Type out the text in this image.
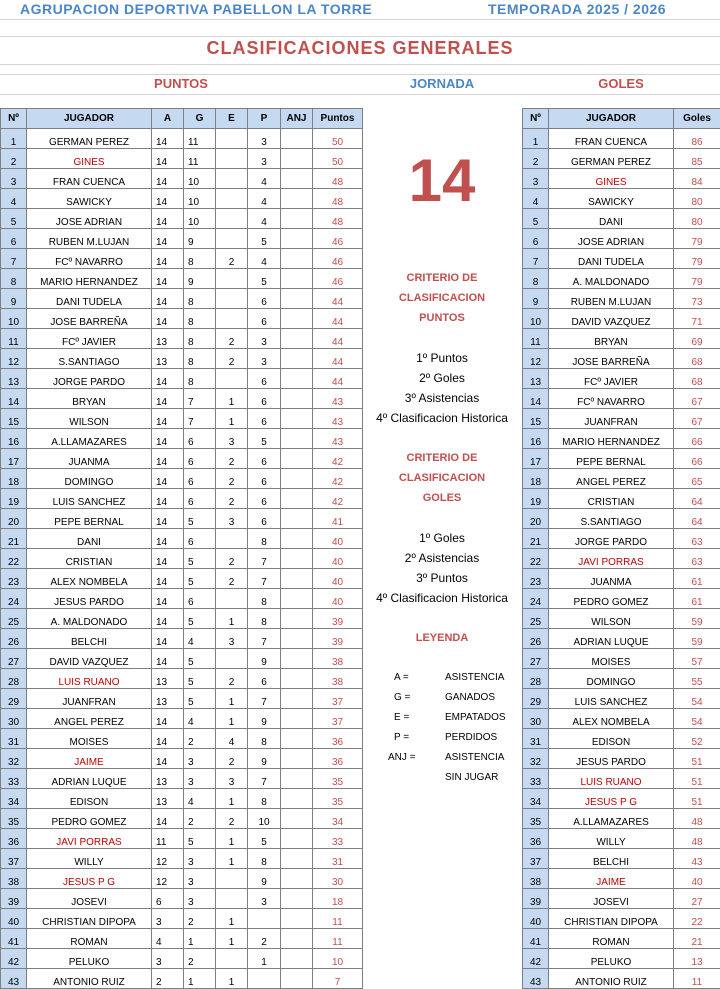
AGRUPACION DEPORTIVA PABELLON LA TORRE	TEMPORADA 2025 / 2026
CLASIFICACIONES GENERALES
PUNTOS	JORNADA	GOLES
Nº	JUGADOR	A	G	E	P	ANJ	Puntos
1	GERMAN PEREZ	14	11		3		50
2	GINES	14	11		3		50
3	FRAN CUENCA	14	10		4		48
4	SAWICKY	14	10		4		48
5	JOSE ADRIAN	14	10		4		48
6	RUBEN M.LUJAN	14	9		5		46
7	FCº NAVARRO	14	8	2	4		46
8	MARIO HERNANDEZ	14	9		5		46
9	DANI TUDELA	14	8		6		44
10	JOSE BARREÑA	14	8		6		44
11	FCº JAVIER	13	8	2	3		44
12	S.SANTIAGO	13	8	2	3		44
13	JORGE PARDO	14	8		6		44
14	BRYAN	14	7	1	6		43
15	WILSON	14	7	1	6		43
16	A.LLAMAZARES	14	6	3	5		43
17	JUANMA	14	6	2	6		42
18	DOMINGO	14	6	2	6		42
19	LUIS SANCHEZ	14	6	2	6		42
20	PEPE BERNAL	14	5	3	6		41
21	DANI	14	6		8		40
22	CRISTIAN	14	5	2	7		40
23	ALEX NOMBELA	14	5	2	7		40
24	JESUS PARDO	14	6		8		40
25	A. MALDONADO	14	5	1	8		39
26	BELCHI	14	4	3	7		39
27	DAVID VAZQUEZ	14	5		9		38
28	LUIS RUANO	13	5	2	6		38
29	JUANFRAN	13	5	1	7		37
30	ANGEL PEREZ	14	4	1	9		37
31	MOISES	14	2	4	8		36
32	JAIME	14	3	2	9		36
33	ADRIAN LUQUE	13	3	3	7		35
34	EDISON	13	4	1	8		35
35	PEDRO GOMEZ	14	2	2	10		34
36	JAVI PORRAS	11	5	1	5		33
37	WILLY	12	3	1	8		31
38	JESUS P G	12	3		9		30
39	JOSEVI	6	3		3		18
40	CHRISTIAN DIPOPA	3	2	1			11
41	ROMAN	4	1	1	2		11
42	PELUKO	3	2		1		10
43	ANTONIO RUIZ	2	1	1			7
14
CRITERIO DE
CLASIFICACION
PUNTOS
1º Puntos
2º Goles
3º Asistencias
4º Clasificacion Historica
CRITERIO DE
CLASIFICACION
GOLES
1º Goles
2º Asistencias
3º Puntos
4º Clasificacion Historica
LEYENDA
A =	ASISTENCIA
G =	GANADOS
E =	EMPATADOS
P =	PERDIDOS
ANJ =	ASISTENCIA
SIN JUGAR
Nº	JUGADOR	Goles
1	FRAN CUENCA	86
2	GERMAN PEREZ	85
3	GINES	84
4	SAWICKY	80
5	DANI	80
6	JOSE ADRIAN	79
7	DANI TUDELA	79
8	A. MALDONADO	79
9	RUBEN M.LUJAN	73
10	DAVID VAZQUEZ	71
11	BRYAN	69
12	JOSE BARREÑA	68
13	FCº JAVIER	68
14	FCº NAVARRO	67
15	JUANFRAN	67
16	MARIO HERNANDEZ	66
17	PEPE BERNAL	66
18	ANGEL PEREZ	65
19	CRISTIAN	64
20	S.SANTIAGO	64
21	JORGE PARDO	63
22	JAVI PORRAS	63
23	JUANMA	61
24	PEDRO GOMEZ	61
25	WILSON	59
26	ADRIAN LUQUE	59
27	MOISES	57
28	DOMINGO	55
29	LUIS SANCHEZ	54
30	ALEX NOMBELA	54
31	EDISON	52
32	JESUS PARDO	51
33	LUIS RUANO	51
34	JESUS P G	51
35	A.LLAMAZARES	48
36	WILLY	48
37	BELCHI	43
38	JAIME	40
39	JOSEVI	27
40	CHRISTIAN DIPOPA	22
41	ROMAN	21
42	PELUKO	13
43	ANTONIO RUIZ	11
